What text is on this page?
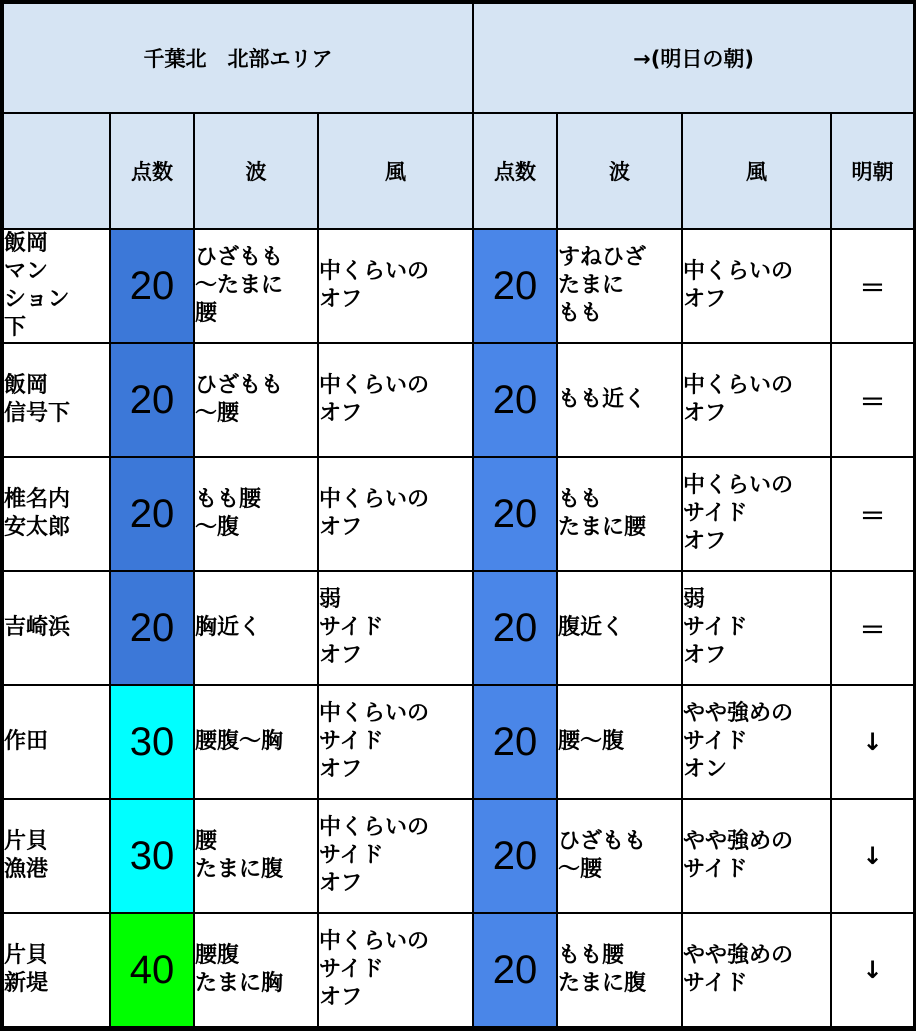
千葉北　北部エリア				→(明日の朝)			
	点数	波	風	点数	波	風	明朝
飯岡
マン
ション
下	20	ひざもも
～たまに
腰	中くらいの
オフ	20	すねひざ
たまに
もも	中くらいの
オフ	＝
飯岡
信号下	20	ひざもも
～腰	中くらいの
オフ	20	もも近く	中くらいの
オフ	＝
椎名内
安太郎	20	もも腰
～腹	中くらいの
オフ	20	もも
たまに腰	中くらいの
サイド
オフ	＝
吉崎浜	20	胸近く	弱
サイド
オフ	20	腹近く	弱
サイド
オフ	＝
作田	30	腰腹～胸	中くらいの
サイド
オフ	20	腰～腹	やや強めの
サイド
オン	↓
片貝
漁港	30	腰
たまに腹	中くらいの
サイド
オフ	20	ひざもも
～腰	やや強めの
サイド	↓
片貝
新堤	40	腰腹
たまに胸	中くらいの
サイド
オフ	20	もも腰
たまに腹	やや強めの
サイド	↓
